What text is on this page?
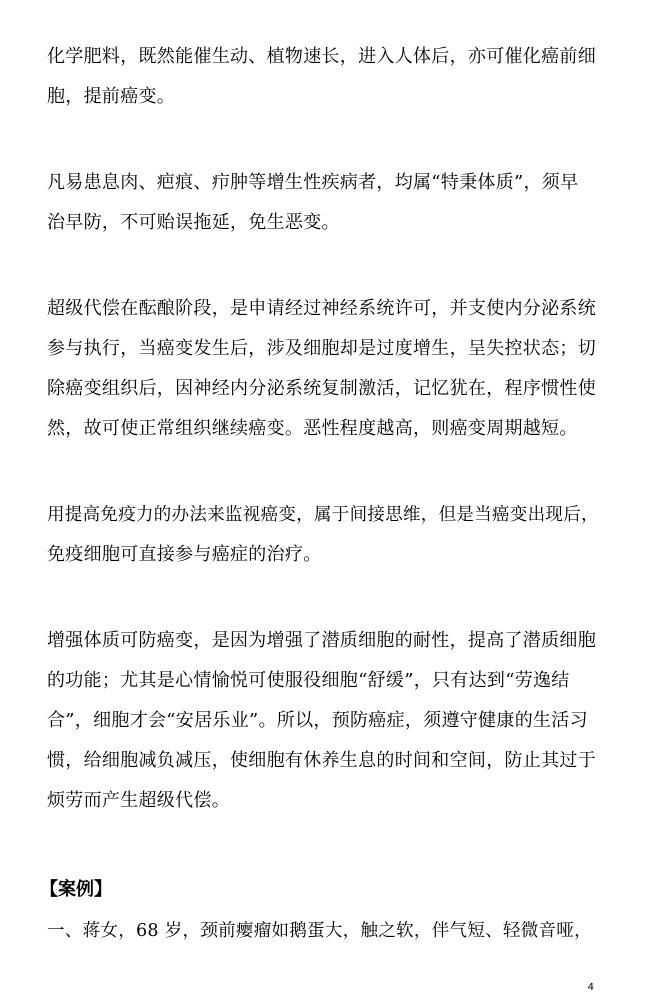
化学肥料，既然能催生动、植物速长，进入人体后，亦可催化癌前细
胞，提前癌变。

凡易患息肉、疤痕、疖肿等增生性疾病者，均属“特秉体质”，须早
治早防，不可贻误拖延，免生恶变。

超级代偿在酝酿阶段，是申请经过神经系统许可，并支使内分泌系统
参与执行，当癌变发生后，涉及细胞却是过度增生，呈失控状态；切
除癌变组织后，因神经内分泌系统复制激活，记忆犹在，程序惯性使
然，故可使正常组织继续癌变。恶性程度越高，则癌变周期越短。

用提高免疫力的办法来监视癌变，属于间接思维，但是当癌变出现后，
免疫细胞可直接参与癌症的治疗。

增强体质可防癌变，是因为增强了潜质细胞的耐性，提高了潜质细胞
的功能；尤其是心情愉悦可使服役细胞“舒缓”，只有达到“劳逸结
合”，细胞才会“安居乐业”。所以，预防癌症，须遵守健康的生活习
惯，给细胞减负减压，使细胞有休养生息的时间和空间，防止其过于
烦劳而产生超级代偿。

【案例】

一、蒋女，68 岁，颈前瘿瘤如鹅蛋大，触之软，伴气短、轻微音哑，

4
